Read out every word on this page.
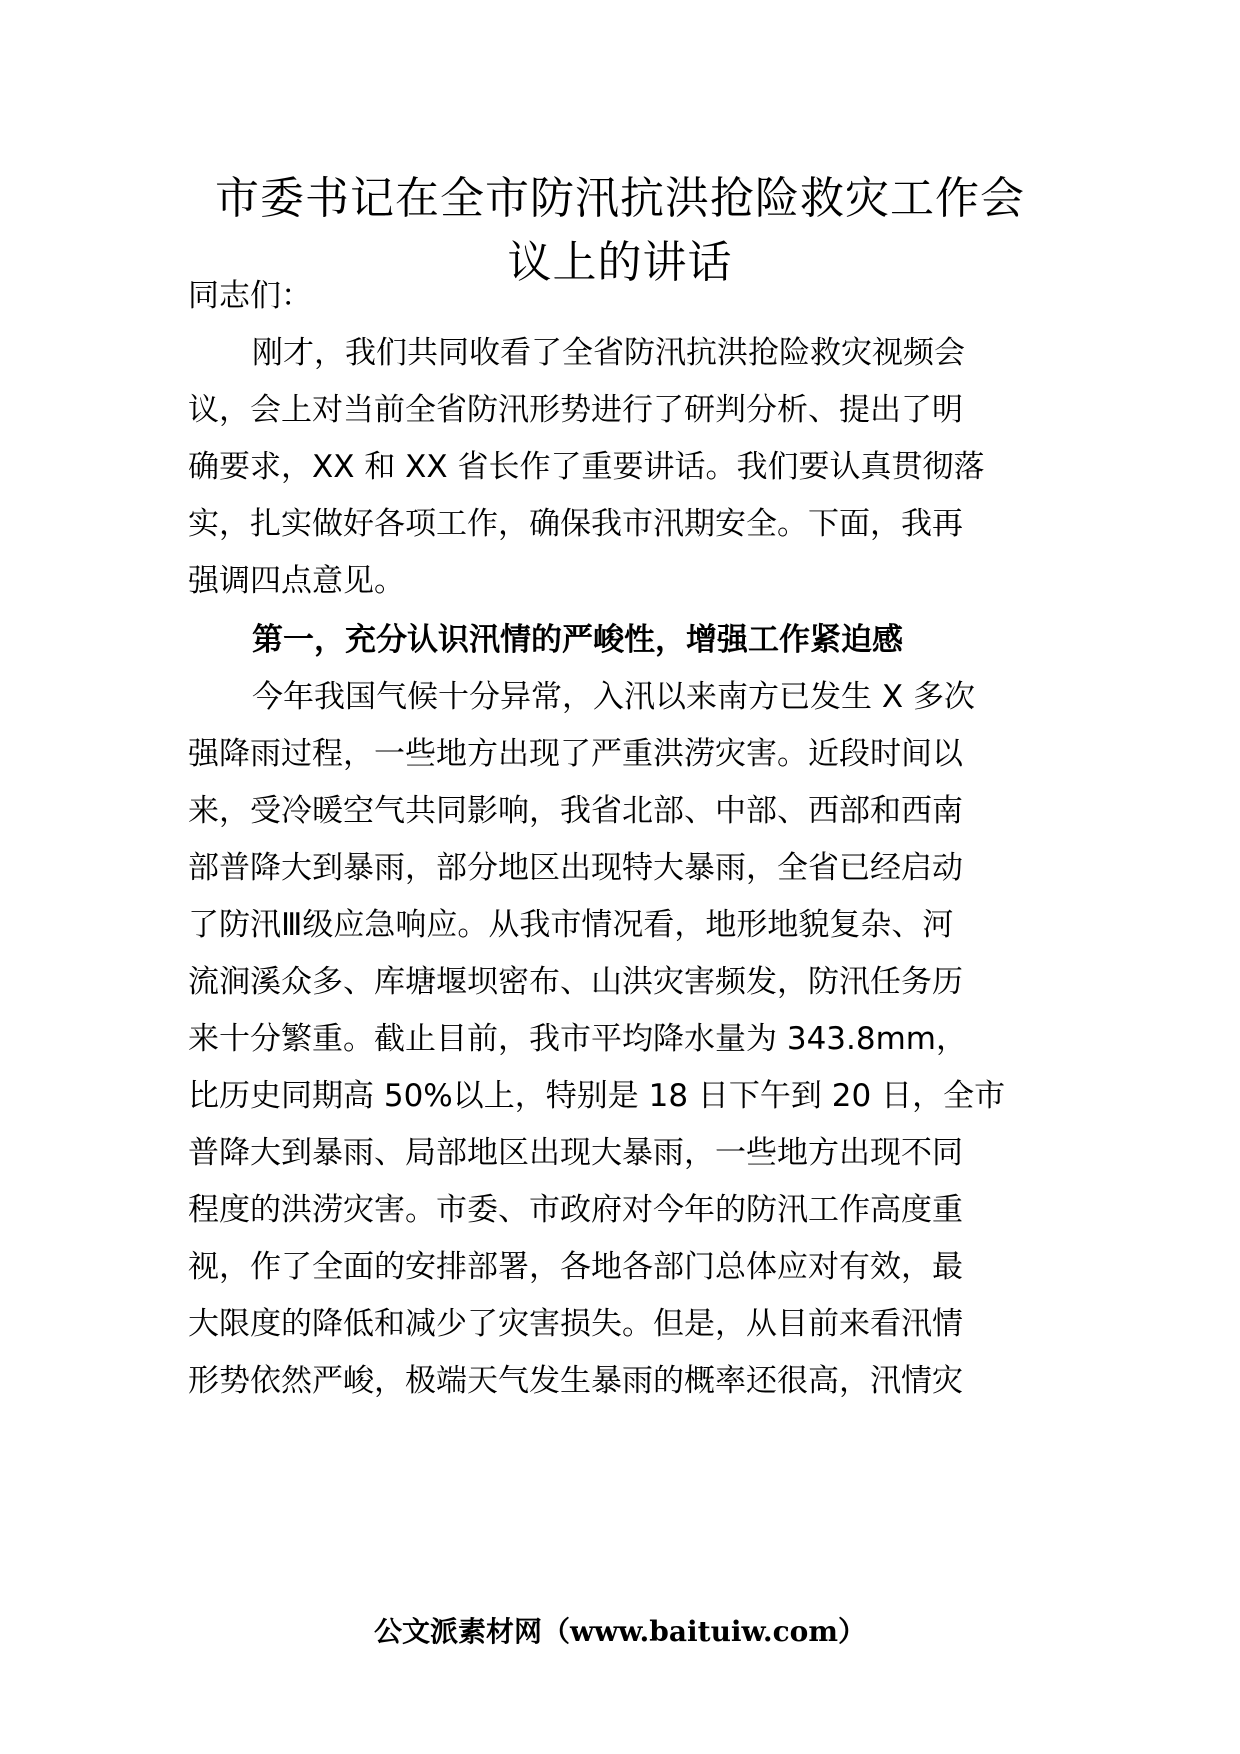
市委书记在全市防汛抗洪抢险救灾工作会
议上的讲话
同志们：
刚才，我们共同收看了全省防汛抗洪抢险救灾视频会
议，会上对当前全省防汛形势进行了研判分析、提出了明
确要求，XX 和 XX 省长作了重要讲话。我们要认真贯彻落
实，扎实做好各项工作，确保我市汛期安全。下面，我再
强调四点意见。
第一，充分认识汛情的严峻性，增强工作紧迫感
今年我国气候十分异常，入汛以来南方已发生 X 多次
强降雨过程，一些地方出现了严重洪涝灾害。近段时间以
来，受冷暖空气共同影响，我省北部、中部、西部和西南
部普降大到暴雨，部分地区出现特大暴雨，全省已经启动
了防汛Ⅲ级应急响应。从我市情况看，地形地貌复杂、河
流涧溪众多、库塘堰坝密布、山洪灾害频发，防汛任务历
来十分繁重。截止目前，我市平均降水量为 343.8mm，
比历史同期高 50%以上，特别是 18 日下午到 20 日，全市
普降大到暴雨、局部地区出现大暴雨，一些地方出现不同
程度的洪涝灾害。市委、市政府对今年的防汛工作高度重
视，作了全面的安排部署，各地各部门总体应对有效，最
大限度的降低和减少了灾害损失。但是，从目前来看汛情
形势依然严峻，极端天气发生暴雨的概率还很高，汛情灾
公文派素材网（www.baituiw.com）
